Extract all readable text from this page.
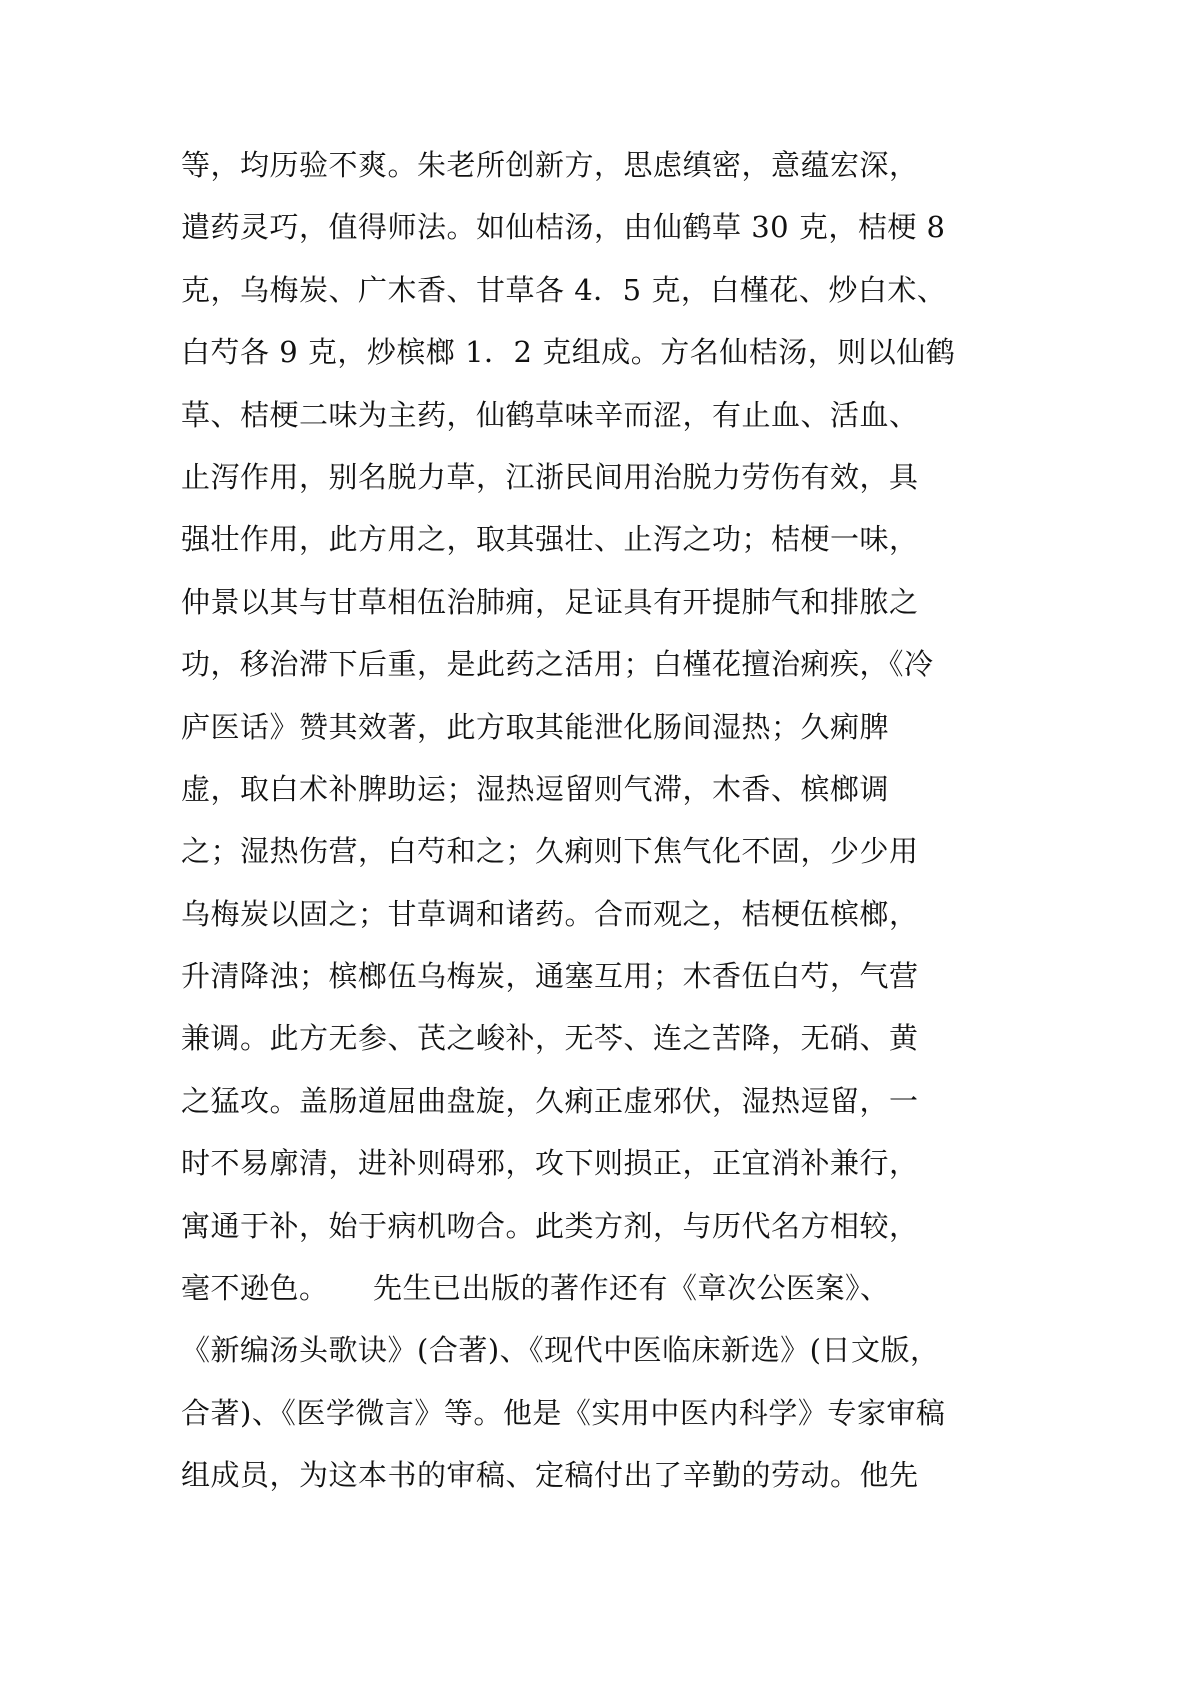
等，均历验不爽。朱老所创新方，思虑缜密，意蕴宏深，
遣药灵巧，值得师法。如仙桔汤，由仙鹤草 30 克，桔梗 8
克，乌梅炭、广木香、甘草各 4．5 克，白槿花、炒白术、
白芍各 9 克，炒槟榔 1．2 克组成。方名仙桔汤，则以仙鹤
草、桔梗二味为主药，仙鹤草味辛而涩，有止血、活血、
止泻作用，别名脱力草，江浙民间用治脱力劳伤有效，具
强壮作用，此方用之，取其强壮、止泻之功；桔梗一味，
仲景以其与甘草相伍治肺痈，足证具有开提肺气和排脓之
功，移治滞下后重，是此药之活用；白槿花擅治痢疾，《冷
庐医话》赞其效著，此方取其能泄化肠间湿热；久痢脾
虚，取白术补脾助运；湿热逗留则气滞，木香、槟榔调
之；湿热伤营，白芍和之；久痢则下焦气化不固，少少用
乌梅炭以固之；甘草调和诸药。合而观之，桔梗伍槟榔，
升清降浊；槟榔伍乌梅炭，通塞互用；木香伍白芍，气营
兼调。此方无参、芪之峻补，无芩、连之苦降，无硝、黄
之猛攻。盖肠道屈曲盘旋，久痢正虚邪伏，湿热逗留，一
时不易廓清，进补则碍邪，攻下则损正，正宜消补兼行，
寓通于补，始于病机吻合。此类方剂，与历代名方相较，
毫不逊色。　　先生已出版的著作还有《章次公医案》、
《新编汤头歌诀》(合著)、《现代中医临床新选》(日文版，
合著)、《医学微言》等。他是《实用中医内科学》专家审稿
组成员，为这本书的审稿、定稿付出了辛勤的劳动。他先
